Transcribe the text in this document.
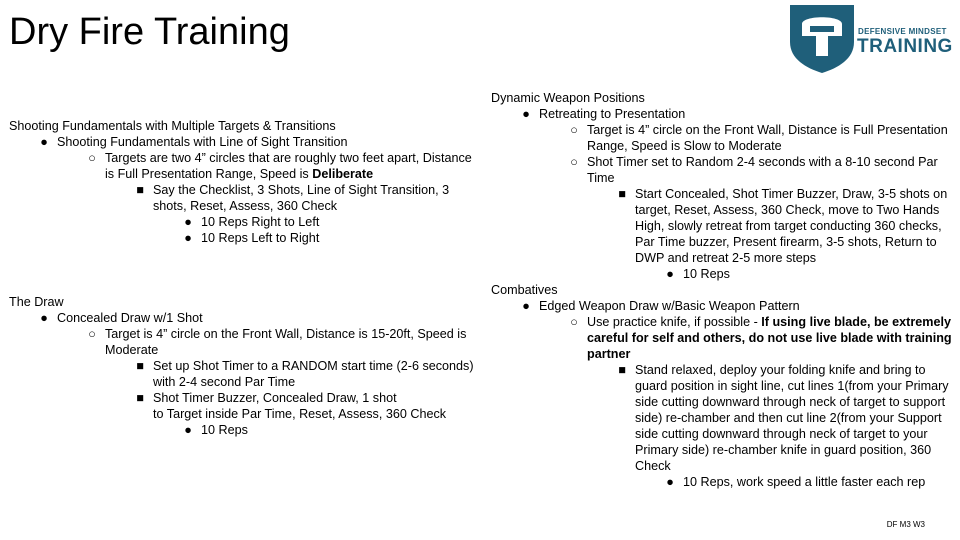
Dry Fire Training	DEFENSIVE MINDSET
TRAINING
Shooting Fundamentals with Multiple Targets & Transitions
● Shooting Fundamentals with Line of Sight Transition
○ Targets are two 4” circles that are roughly two feet apart, Distance is Full Presentation Range, Speed is Deliberate
■ Say the Checklist, 3 Shots, Line of Sight Transition, 3 shots, Reset, Assess, 360 Check
● 10 Reps Right to Left
● 10 Reps Left to Right
The Draw
● Concealed Draw w/1 Shot
○ Target is 4” circle on the Front Wall, Distance is 15-20ft, Speed is Moderate
■ Set up Shot Timer to a RANDOM start time (2-6 seconds) with 2-4 second Par Time
■ Shot Timer Buzzer, Concealed Draw, 1 shot
to Target inside Par Time, Reset, Assess, 360 Check
● 10 Reps
Dynamic Weapon Positions
● Retreating to Presentation
○ Target is 4” circle on the Front Wall, Distance is Full Presentation Range, Speed is Slow to Moderate
○ Shot Timer set to Random 2-4 seconds with a 8-10 second Par Time
■ Start Concealed, Shot Timer Buzzer, Draw, 3-5 shots on target, Reset, Assess, 360 Check, move to Two Hands High, slowly retreat from target conducting 360 checks, Par Time buzzer, Present firearm, 3-5 shots, Return to DWP and retreat 2-5 more steps
● 10 Reps
Combatives
● Edged Weapon Draw w/Basic Weapon Pattern
○ Use practice knife, if possible - If using live blade, be extremely careful for self and others, do not use live blade with training partner
■ Stand relaxed, deploy your folding knife and bring to guard position in sight line, cut lines 1(from your Primary side cutting downward through neck of target to support side) re-chamber and then cut line 2(from your Support side cutting downward through neck of target to your Primary side) re-chamber knife in guard position, 360 Check
● 10 Reps, work speed a little faster each rep
DF M3 W3
